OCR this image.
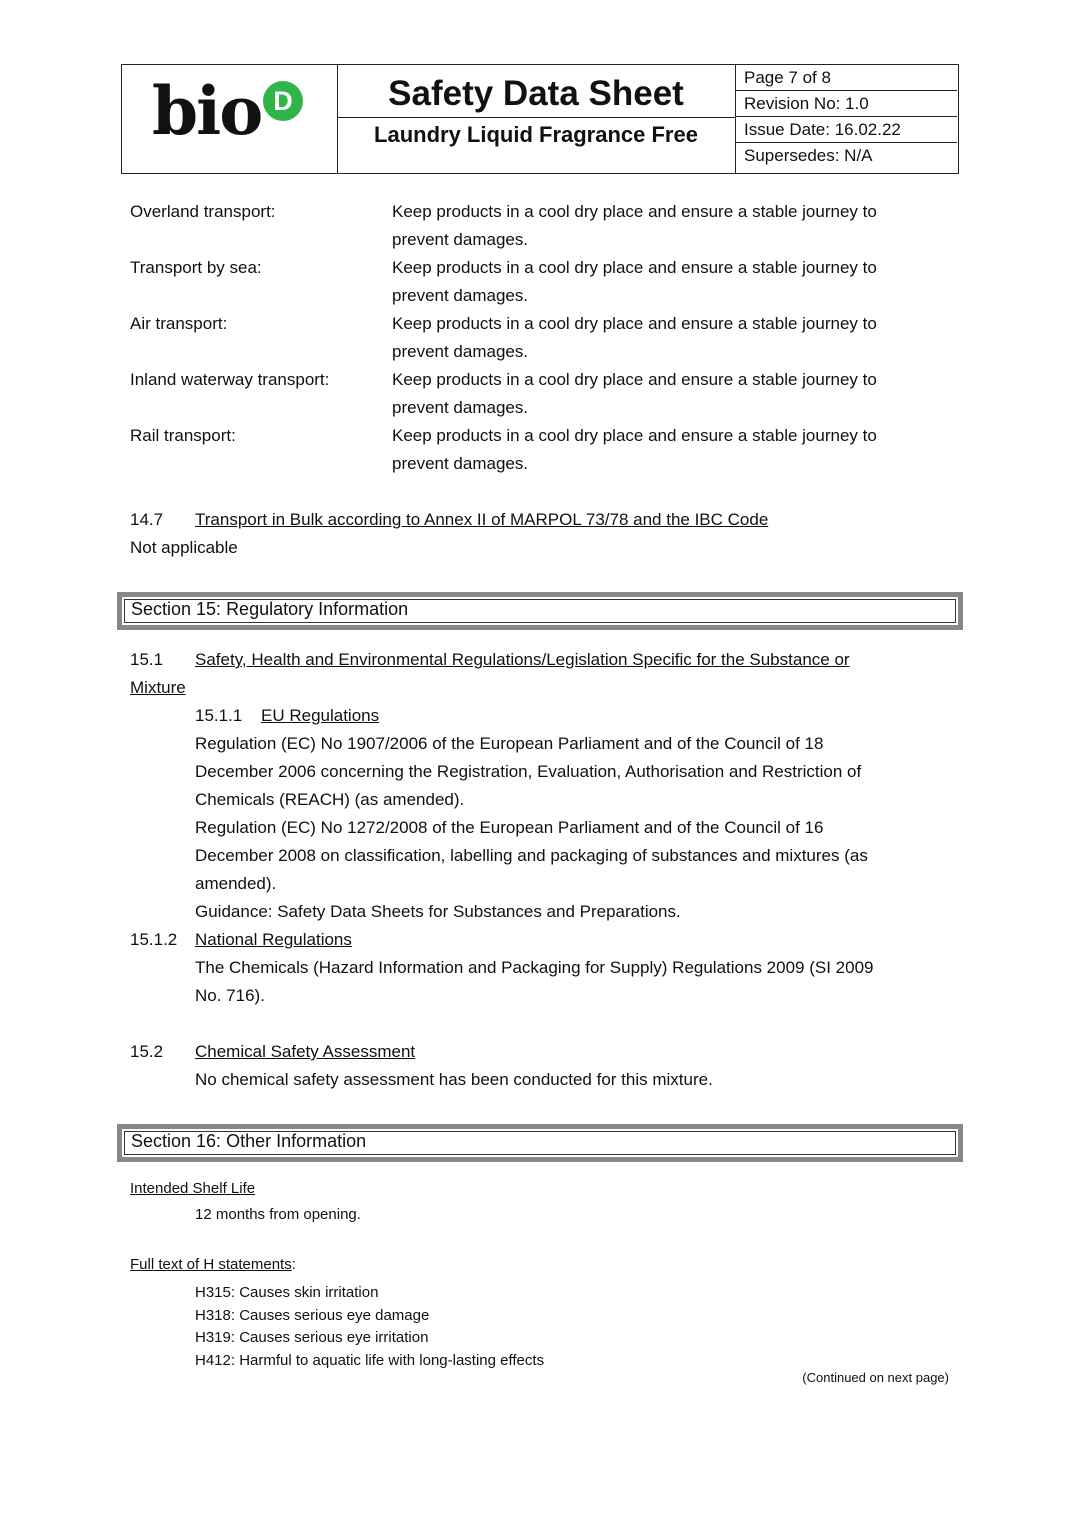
bio D	Safety Data Sheet
Laundry Liquid Fragrance Free
Page 7 of 8
Revision No: 1.0
Issue Date: 16.02.22
Supersedes: N/A
Overland transport:	Keep products in a cool dry place and ensure a stable journey to
prevent damages.
Transport by sea:	Keep products in a cool dry place and ensure a stable journey to
prevent damages.
Air transport:	Keep products in a cool dry place and ensure a stable journey to
prevent damages.
Inland waterway transport:	Keep products in a cool dry place and ensure a stable journey to
prevent damages.
Rail transport:	Keep products in a cool dry place and ensure a stable journey to
prevent damages.
14.7 Transport in Bulk according to Annex II of MARPOL 73/78 and the IBC Code
Not applicable
Section 15: Regulatory Information
15.1 Safety, Health and Environmental Regulations/Legislation Specific for the Substance or
Mixture
15.1.1 EU Regulations
Regulation (EC) No 1907/2006 of the European Parliament and of the Council of 18
December 2006 concerning the Registration, Evaluation, Authorisation and Restriction of
Chemicals (REACH) (as amended).
Regulation (EC) No 1272/2008 of the European Parliament and of the Council of 16
December 2008 on classification, labelling and packaging of substances and mixtures (as
amended).
Guidance: Safety Data Sheets for Substances and Preparations.
15.1.2 National Regulations
The Chemicals (Hazard Information and Packaging for Supply) Regulations 2009 (SI 2009
No. 716).
15.2 Chemical Safety Assessment
No chemical safety assessment has been conducted for this mixture.
Section 16: Other Information
Intended Shelf Life
12 months from opening.
Full text of H statements:
H315: Causes skin irritation
H318: Causes serious eye damage
H319: Causes serious eye irritation
H412: Harmful to aquatic life with long-lasting effects
(Continued on next page)
